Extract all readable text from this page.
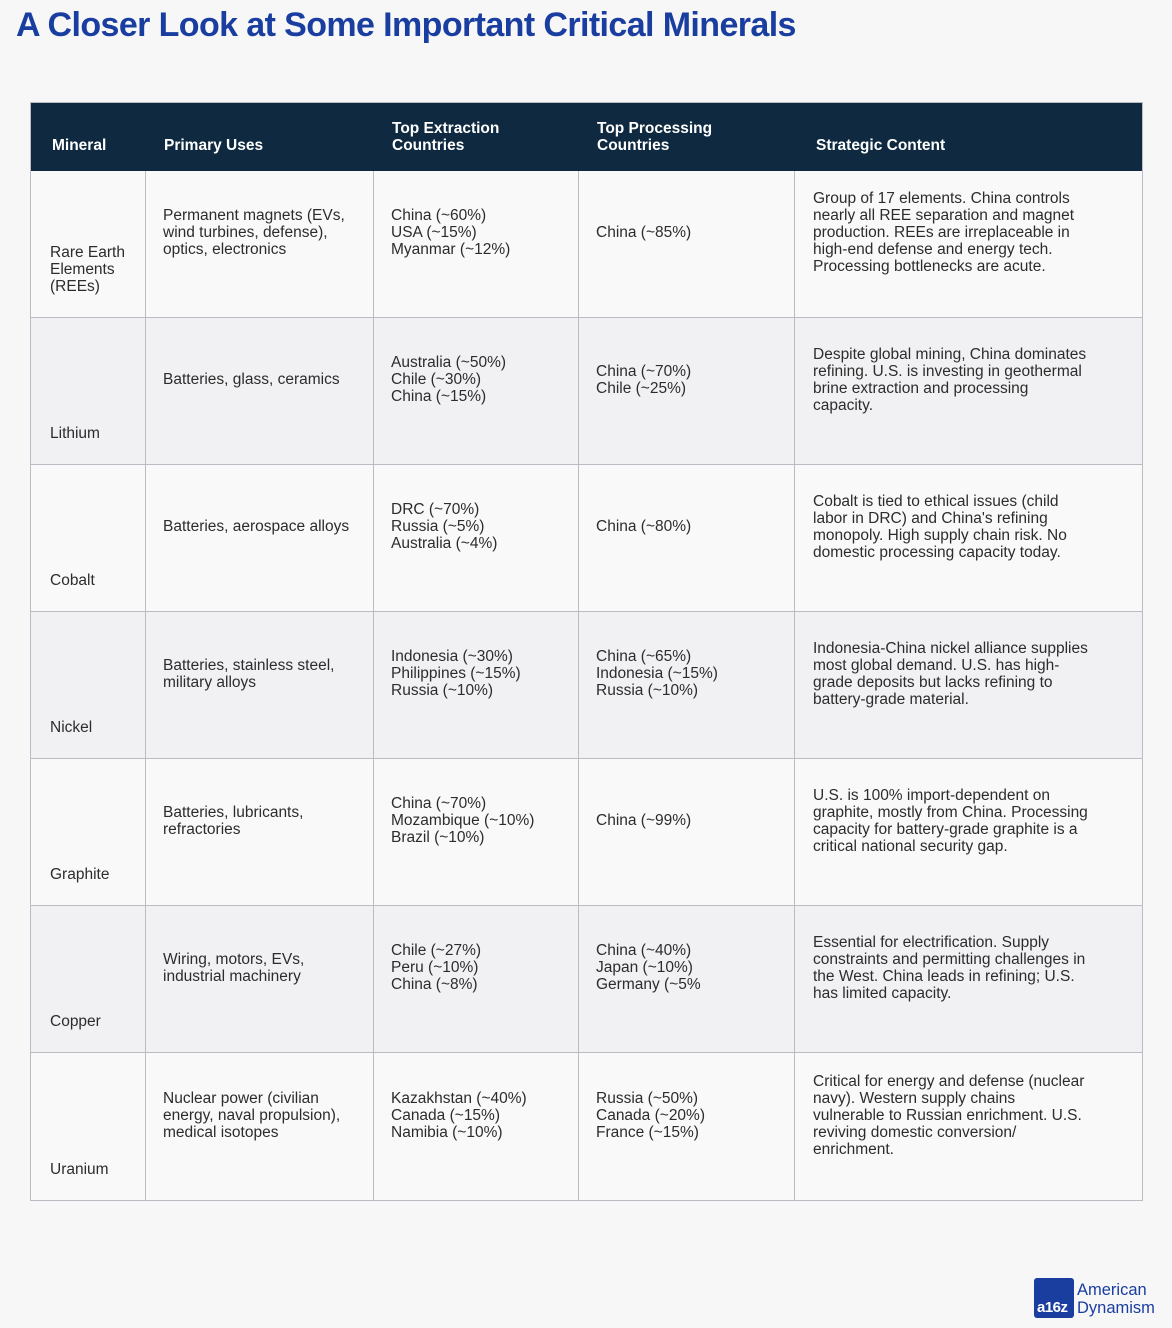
A Closer Look at Some Important Critical Minerals
Mineral	Primary Uses
Top Extraction
Countries
Top Processing
Countries	Strategic Content
Rare Earth
Elements
(REEs)
Permanent magnets (EVs,
wind turbines, defense),
optics, electronics
China (~60%)
USA (~15%)
Myanmar (~12%)
China (~85%)
Group of 17 elements. China controls
nearly all REE separation and magnet
production. REEs are irreplaceable in
high-end defense and energy tech.
Processing bottlenecks are acute.
Lithium
Batteries, glass, ceramics
Australia (~50%)
Chile (~30%)
China (~15%)
China (~70%)
Chile (~25%)
Despite global mining, China dominates
refining. U.S. is investing in geothermal
brine extraction and processing
capacity.
Cobalt
Batteries, aerospace alloys
DRC (~70%)
Russia (~5%)
Australia (~4%)
China (~80%)
Cobalt is tied to ethical issues (child
labor in DRC) and China's refining
monopoly. High supply chain risk. No
domestic processing capacity today.
Nickel
Batteries, stainless steel,
military alloys
Indonesia (~30%)
Philippines (~15%)
Russia (~10%)
China (~65%)
Indonesia (~15%)
Russia (~10%)
Indonesia-China nickel alliance supplies
most global demand. U.S. has high-
grade deposits but lacks refining to
battery-grade material.
Graphite
Batteries, lubricants,
refractories
China (~70%)
Mozambique (~10%)
Brazil (~10%)
China (~99%)
U.S. is 100% import-dependent on
graphite, mostly from China. Processing
capacity for battery-grade graphite is a
critical national security gap.
Copper
Wiring, motors, EVs,
industrial machinery
Chile (~27%)
Peru (~10%)
China (~8%)
China (~40%)
Japan (~10%)
Germany (~5%
Essential for electrification. Supply
constraints and permitting challenges in
the West. China leads in refining; U.S.
has limited capacity.
Uranium
Nuclear power (civilian
energy, naval propulsion),
medical isotopes
Kazakhstan (~40%)
Canada (~15%)
Namibia (~10%)
Russia (~50%)
Canada (~20%)
France (~15%)
Critical for energy and defense (nuclear
navy). Western supply chains
vulnerable to Russian enrichment. U.S.
reviving domestic conversion/
enrichment.
a16z
American
Dynamism
